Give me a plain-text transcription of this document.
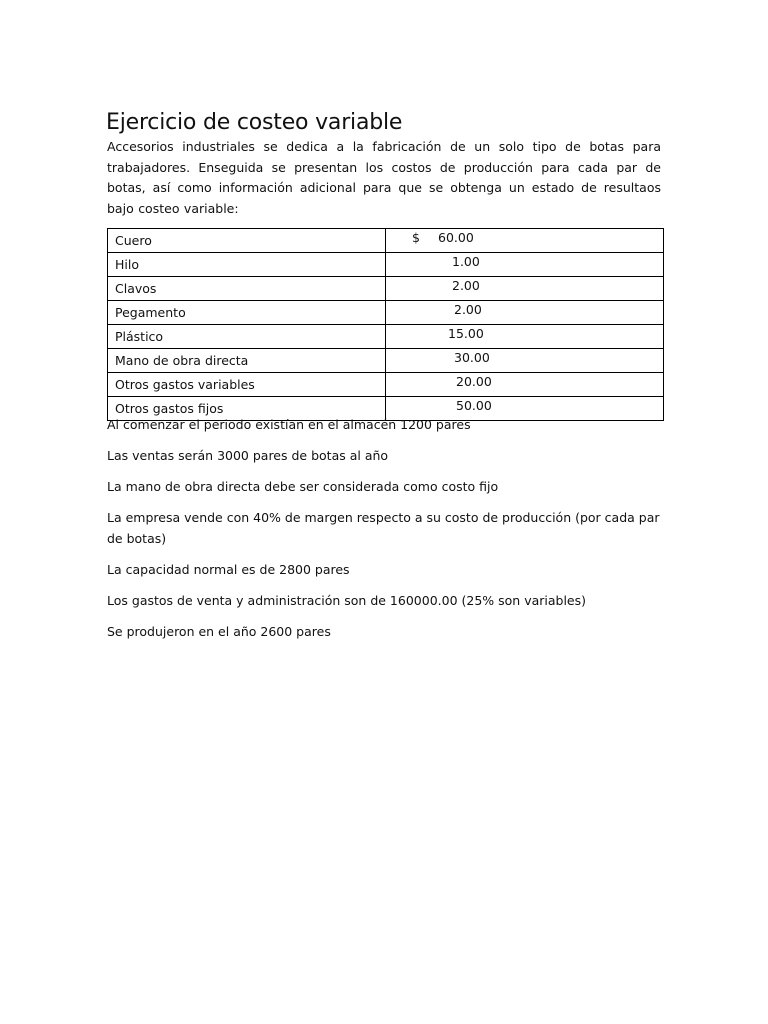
Ejercicio de costeo variable

Accesorios industriales se dedica a la fabricación de un solo tipo de botas para trabajadores. Enseguida se presentan los costos de producción para cada par de botas, así como información adicional para que se obtenga un estado de resultaos bajo costeo variable:

Cuero	$ 60.00

Hilo	1.00

Clavos	2.00

Pegamento	2.00

Plástico	15.00

Mano de obra directa	30.00

Otros gastos variables	20.00

Otros gastos fijos	50.00
Al comenzar el periodo existían en el almacén 1200 pares
Las ventas serán 3000 pares de botas al año
La mano de obra directa debe ser considerada como costo fijo
La empresa vende con 40% de margen respecto a su costo de producción (por cada par de botas)
La capacidad normal es de 2800 pares
Los gastos de venta y administración son de 160000.00 (25% son variables)
Se produjeron en el año 2600 pares
